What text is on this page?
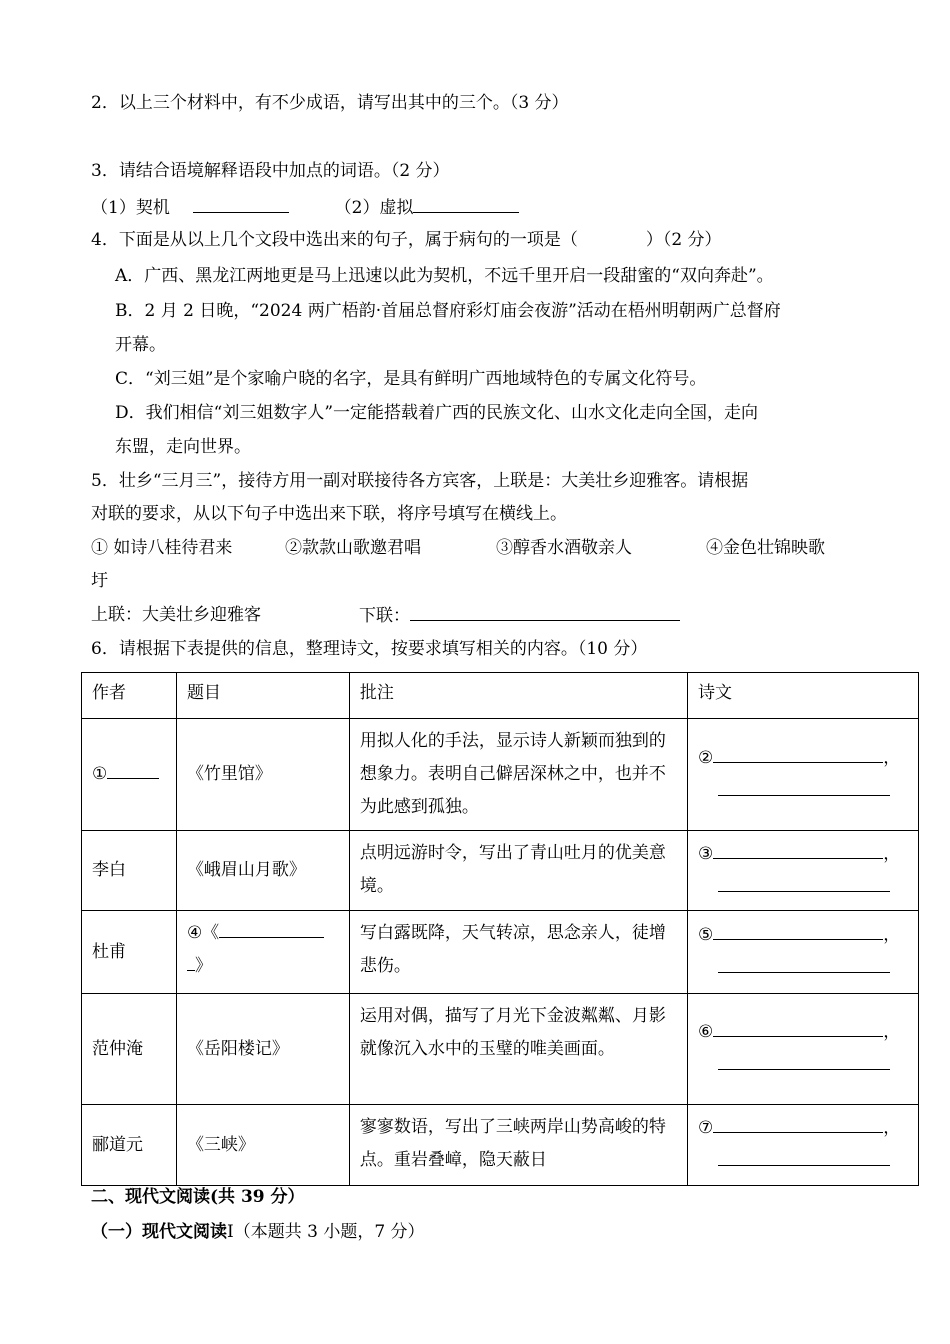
2．以上三个材料中，有不少成语，请写出其中的三个。（3 分）
3．请结合语境解释语段中加点的词语。（2 分）
（1）契机	（2）虚拟
4．下面是从以上几个文段中选出来的句子，属于病句的一项是（　　　　）（2 分）
A．广西、黑龙江两地更是马上迅速以此为契机，不远千里开启一段甜蜜的“双向奔赴”。
B．2 月 2 日晚，“2024 两广梧韵·首届总督府彩灯庙会夜游”活动在梧州明朝两广总督府
开幕。
C．“刘三姐”是个家喻户晓的名字，是具有鲜明广西地域特色的专属文化符号。
D．我们相信“刘三姐数字人”一定能搭载着广西的民族文化、山水文化走向全国，走向
东盟，走向世界。
5．壮乡“三月三”，接待方用一副对联接待各方宾客，上联是：大美壮乡迎雅客。请根据
对联的要求，从以下句子中选出来下联，将序号填写在横线上。
① 如诗八桂待君来	②款款山歌邀君唱	③醇香水酒敬亲人	④金色壮锦映歌
圩
上联：大美壮乡迎雅客	下联：
6．请根据下表提供的信息，整理诗文，按要求填写相关的内容。（10 分）
作者	题目	批注	诗文
①	《竹里馆》	用拟人化的手法，显示诗人新颖而独到的想象力。表明自己僻居深林之中，也并不为此感到孤独。	② ，

李白	《峨眉山月歌》	点明远游时令，写出了青山吐月的优美意境。	③ ，

杜甫	④《
》	写白露既降，天气转凉，思念亲人，徒增悲伤。	⑤ ，

范仲淹	《岳阳楼记》	运用对偶，描写了月光下金波粼粼、月影就像沉入水中的玉璧的唯美画面。	⑥ ，

郦道元	《三峡》	寥寥数语，写出了三峡两岸山势高峻的特点。重岩叠嶂，隐天蔽日	⑦ ，

二、现代文阅读(共 39 分）
（一）现代文阅读Ⅰ（本题共 3 小题，7 分）
